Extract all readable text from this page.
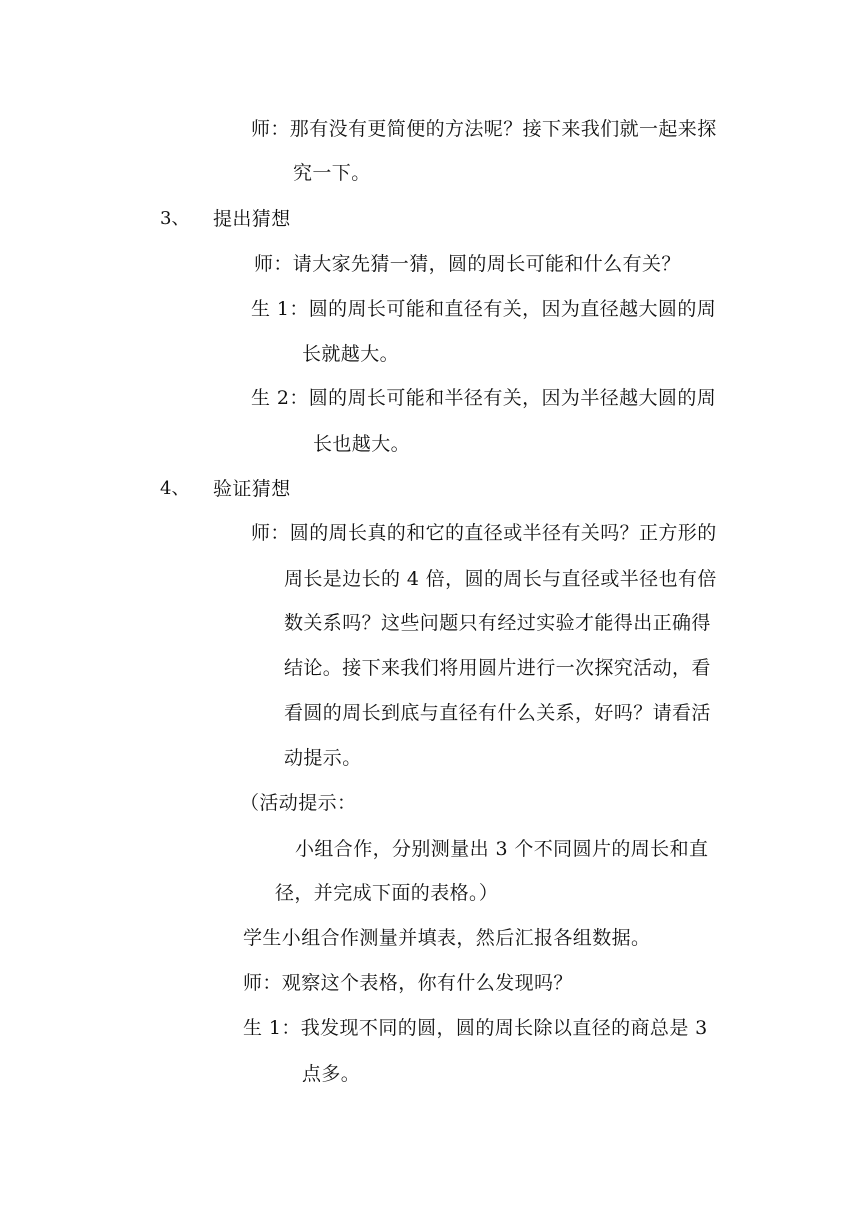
师：那有没有更简便的方法呢？接下来我们就一起来探
究一下。
3、 提出猜想
师：请大家先猜一猜，圆的周长可能和什么有关？
生 1：圆的周长可能和直径有关，因为直径越大圆的周
长就越大。
生 2：圆的周长可能和半径有关，因为半径越大圆的周
长也越大。
4、 验证猜想
师：圆的周长真的和它的直径或半径有关吗？正方形的
周长是边长的 4 倍，圆的周长与直径或半径也有倍
数关系吗？这些问题只有经过实验才能得出正确得
结论。接下来我们将用圆片进行一次探究活动，看
看圆的周长到底与直径有什么关系，好吗？请看活
动提示。
（活动提示：
小组合作，分别测量出 3 个不同圆片的周长和直
径，并完成下面的表格。）
学生小组合作测量并填表，然后汇报各组数据。
师：观察这个表格，你有什么发现吗？
生 1：我发现不同的圆，圆的周长除以直径的商总是 3
点多。
